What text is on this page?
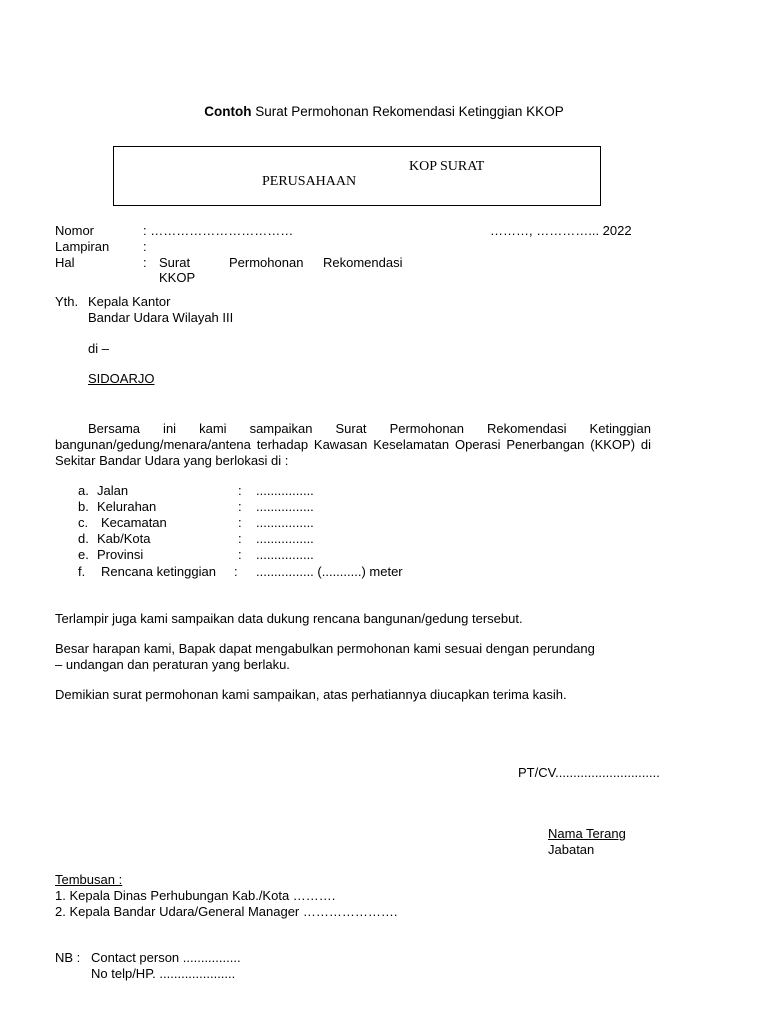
Contoh Surat Permohonan Rekomendasi Ketinggian KKOP
KOP SURAT
PERUSAHAAN
Nomor	: ……………………………	………, …………... 2022
Lampiran	:
Hal	: Surat	Permohonan Rekomendasi
KKOP
Yth. Kepala Kantor
Bandar Udara Wilayah III
di –
SIDOARJO
Bersama ini kami sampaikan Surat Permohonan Rekomendasi Ketinggian bangunan/gedung/menara/antena terhadap Kawasan Keselamatan Operasi Penerbangan (KKOP) di Sekitar Bandar Udara yang berlokasi di :
a. Jalan	: ................
b. Kelurahan	: ................
c. Kecamatan	: ................
d. Kab/Kota	: ................
e. Provinsi	: ................
f. Rencana ketinggian : ................ (...........) meter
Terlampir juga kami sampaikan data dukung rencana bangunan/gedung tersebut.
Besar harapan kami, Bapak dapat mengabulkan permohonan kami sesuai dengan perundang
– undangan dan peraturan yang berlaku.
Demikian surat permohonan kami sampaikan, atas perhatiannya diucapkan terima kasih.
PT/CV.............................
Nama Terang
Jabatan
Tembusan :
1. Kepala Dinas Perhubungan Kab./Kota ……….
2. Kepala Bandar Udara/General Manager ………………….
NB : Contact person ................
No telp/HP. .....................
